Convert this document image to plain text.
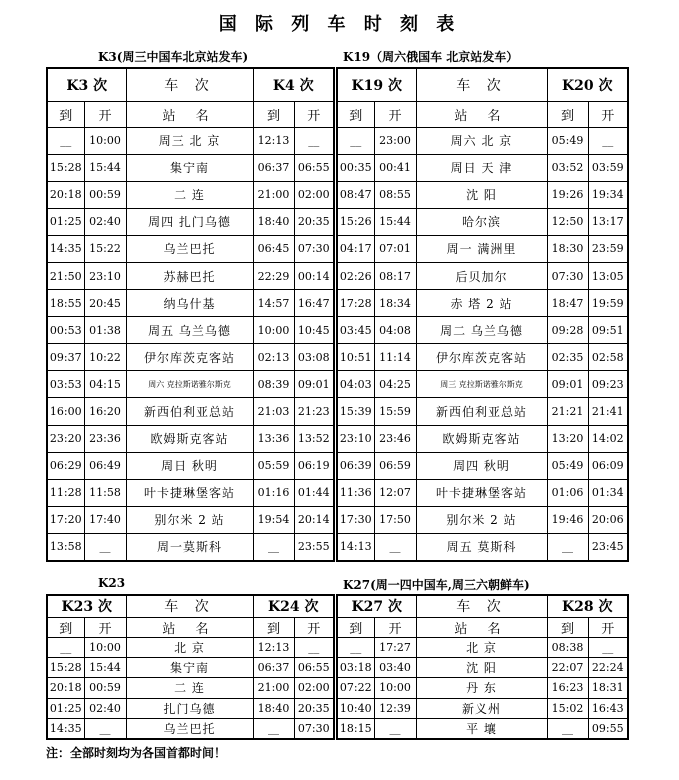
国 际 列 车 时 刻 表
K3(周三中国车北京站发车)	K19（周六俄国车 北京站发车）
K23	K27(周一四中国车,周三六朝鲜车)
K3 次		车 次	K4 次	
到	开	站 名	到	开
__	10:00	周三 北 京	12:13	__
15:28	15:44	集宁南	06:37	06:55
20:18	00:59	二 连	21:00	02:00
01:25	02:40	周四 扎门乌德	18:40	20:35
14:35	15:22	乌兰巴托	06:45	07:30
21:50	23:10	苏赫巴托	22:29	00:14
18:55	20:45	纳乌什基	14:57	16:47
00:53	01:38	周五 乌兰乌德	10:00	10:45
09:37	10:22	伊尔库茨克客站	02:13	03:08
03:53	04:15	周六 克拉斯诺雅尔斯克	08:39	09:01
16:00	16:20	新西伯利亚总站	21:03	21:23
23:20	23:36	欧姆斯克客站	13:36	13:52
06:29	06:49	周日 秋明	05:59	06:19
11:28	11:58	叶卡捷琳堡客站	01:16	01:44
17:20	17:40	别尔米 2 站	19:54	20:14
13:58	__	周一莫斯科	__	23:55
K19 次		车 次	K20 次	
到	开	站 名	到	开
__	23:00	周六 北 京	05:49	__
00:35	00:41	周日 天 津	03:52	03:59
08:47	08:55	沈 阳	19:26	19:34
15:26	15:44	哈尔滨	12:50	13:17
04:17	07:01	周一 满洲里	18:30	23:59
02:26	08:17	后贝加尔	07:30	13:05
17:28	18:34	赤 塔 2 站	18:47	19:59
03:45	04:08	周二 乌兰乌德	09:28	09:51
10:51	11:14	伊尔库茨克客站	02:35	02:58
04:03	04:25	周三 克拉斯诺雅尔斯克	09:01	09:23
15:39	15:59	新西伯利亚总站	21:21	21:41
23:10	23:46	欧姆斯克客站	13:20	14:02
06:39	06:59	周四 秋明	05:49	06:09
11:36	12:07	叶卡捷琳堡客站	01:06	01:34
17:30	17:50	别尔米 2 站	19:46	20:06
14:13	__	周五 莫斯科	__	23:45
K23 次		车 次	K24 次	
到	开	站 名	到	开
__	10:00	北 京	12:13	__
15:28	15:44	集宁南	06:37	06:55
20:18	00:59	二 连	21:00	02:00
01:25	02:40	扎门乌德	18:40	20:35
14:35	__	乌兰巴托	__	07:30
K27 次		车 次	K28 次	
到	开	站 名	到	开
__	17:27	北 京	08:38	__
03:18	03:40	沈 阳	22:07	22:24
07:22	10:00	丹 东	16:23	18:31
10:40	12:39	新义州	15:02	16:43
18:15	__	平 壤	__	09:55
注：全部时刻均为各国首都时间！
